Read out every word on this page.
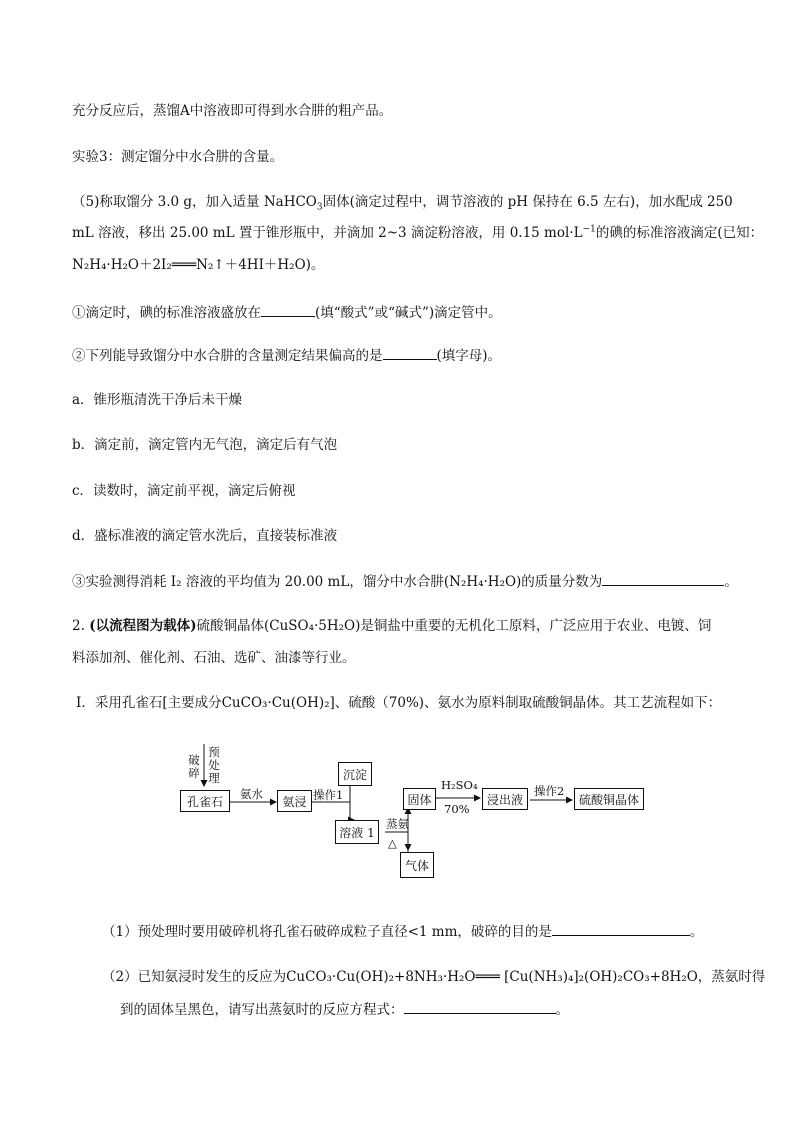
充分反应后，蒸馏A中溶液即可得到水合肼的粗产品。
实验3：测定馏分中水合肼的含量。
（5)称取馏分 3.0 g，加入适量 NaHCO$_3$固体(滴定过程中，调节溶液的 pH 保持在 6.5 左右)，加水配成 250
mL 溶液，移出 25.00 mL 置于锥形瓶中，并滴加 2~3 滴淀粉溶液，用 0.15 $mol\cdot L^{-1}$的碘的标准溶液滴定(已知：
N₂H₄·H₂O＋2I₂═══N₂↑＋4HI＋H₂O)。
①滴定时，碘的标准溶液盛放在	(填“酸式”或“碱式”)滴定管中。
②下列能导致馏分中水合肼的含量测定结果偏高的是	(填字母)。
a．锥形瓶清洗干净后未干燥
b．滴定前，滴定管内无气泡，滴定后有气泡
c．读数时，滴定前平视，滴定后俯视
d．盛标准液的滴定管水洗后，直接装标准液
③实验测得消耗 I₂ 溶液的平均值为 20.00 mL，馏分中水合肼(N₂H₄·H₂O)的质量分数为	。
2. (以流程图为载体)硫酸铜晶体(CuSO₄·5H₂O)是铜盐中重要的无机化工原料，广泛应用于农业、电镀、饲
料添加剂、催化剂、石油、选矿、油漆等行业。
Ⅰ．采用孔雀石[主要成分CuCO₃·Cu(OH)₂]、硫酸（70%)、氨水为原料制取硫酸铜晶体。其工艺流程如下：
破碎
预处理
孔雀石
氨水
氨浸 操作1
沉淀
溶液 1
蒸氨
△
固体
气体
H₂SO₄
70%
浸出液
操作2
硫酸铜晶体
（1）预处理时要用破碎机将孔雀石破碎成粒子直径<1 mm，破碎的目的是	。
（2）已知氨浸时发生的反应为CuCO₃·Cu(OH)₂+8NH₃·H₂O═══ [Cu(NH₃)₄]₂(OH)₂CO₃+8H₂O，蒸氨时得
到的固体呈黑色，请写出蒸氨时的反应方程式：	。
